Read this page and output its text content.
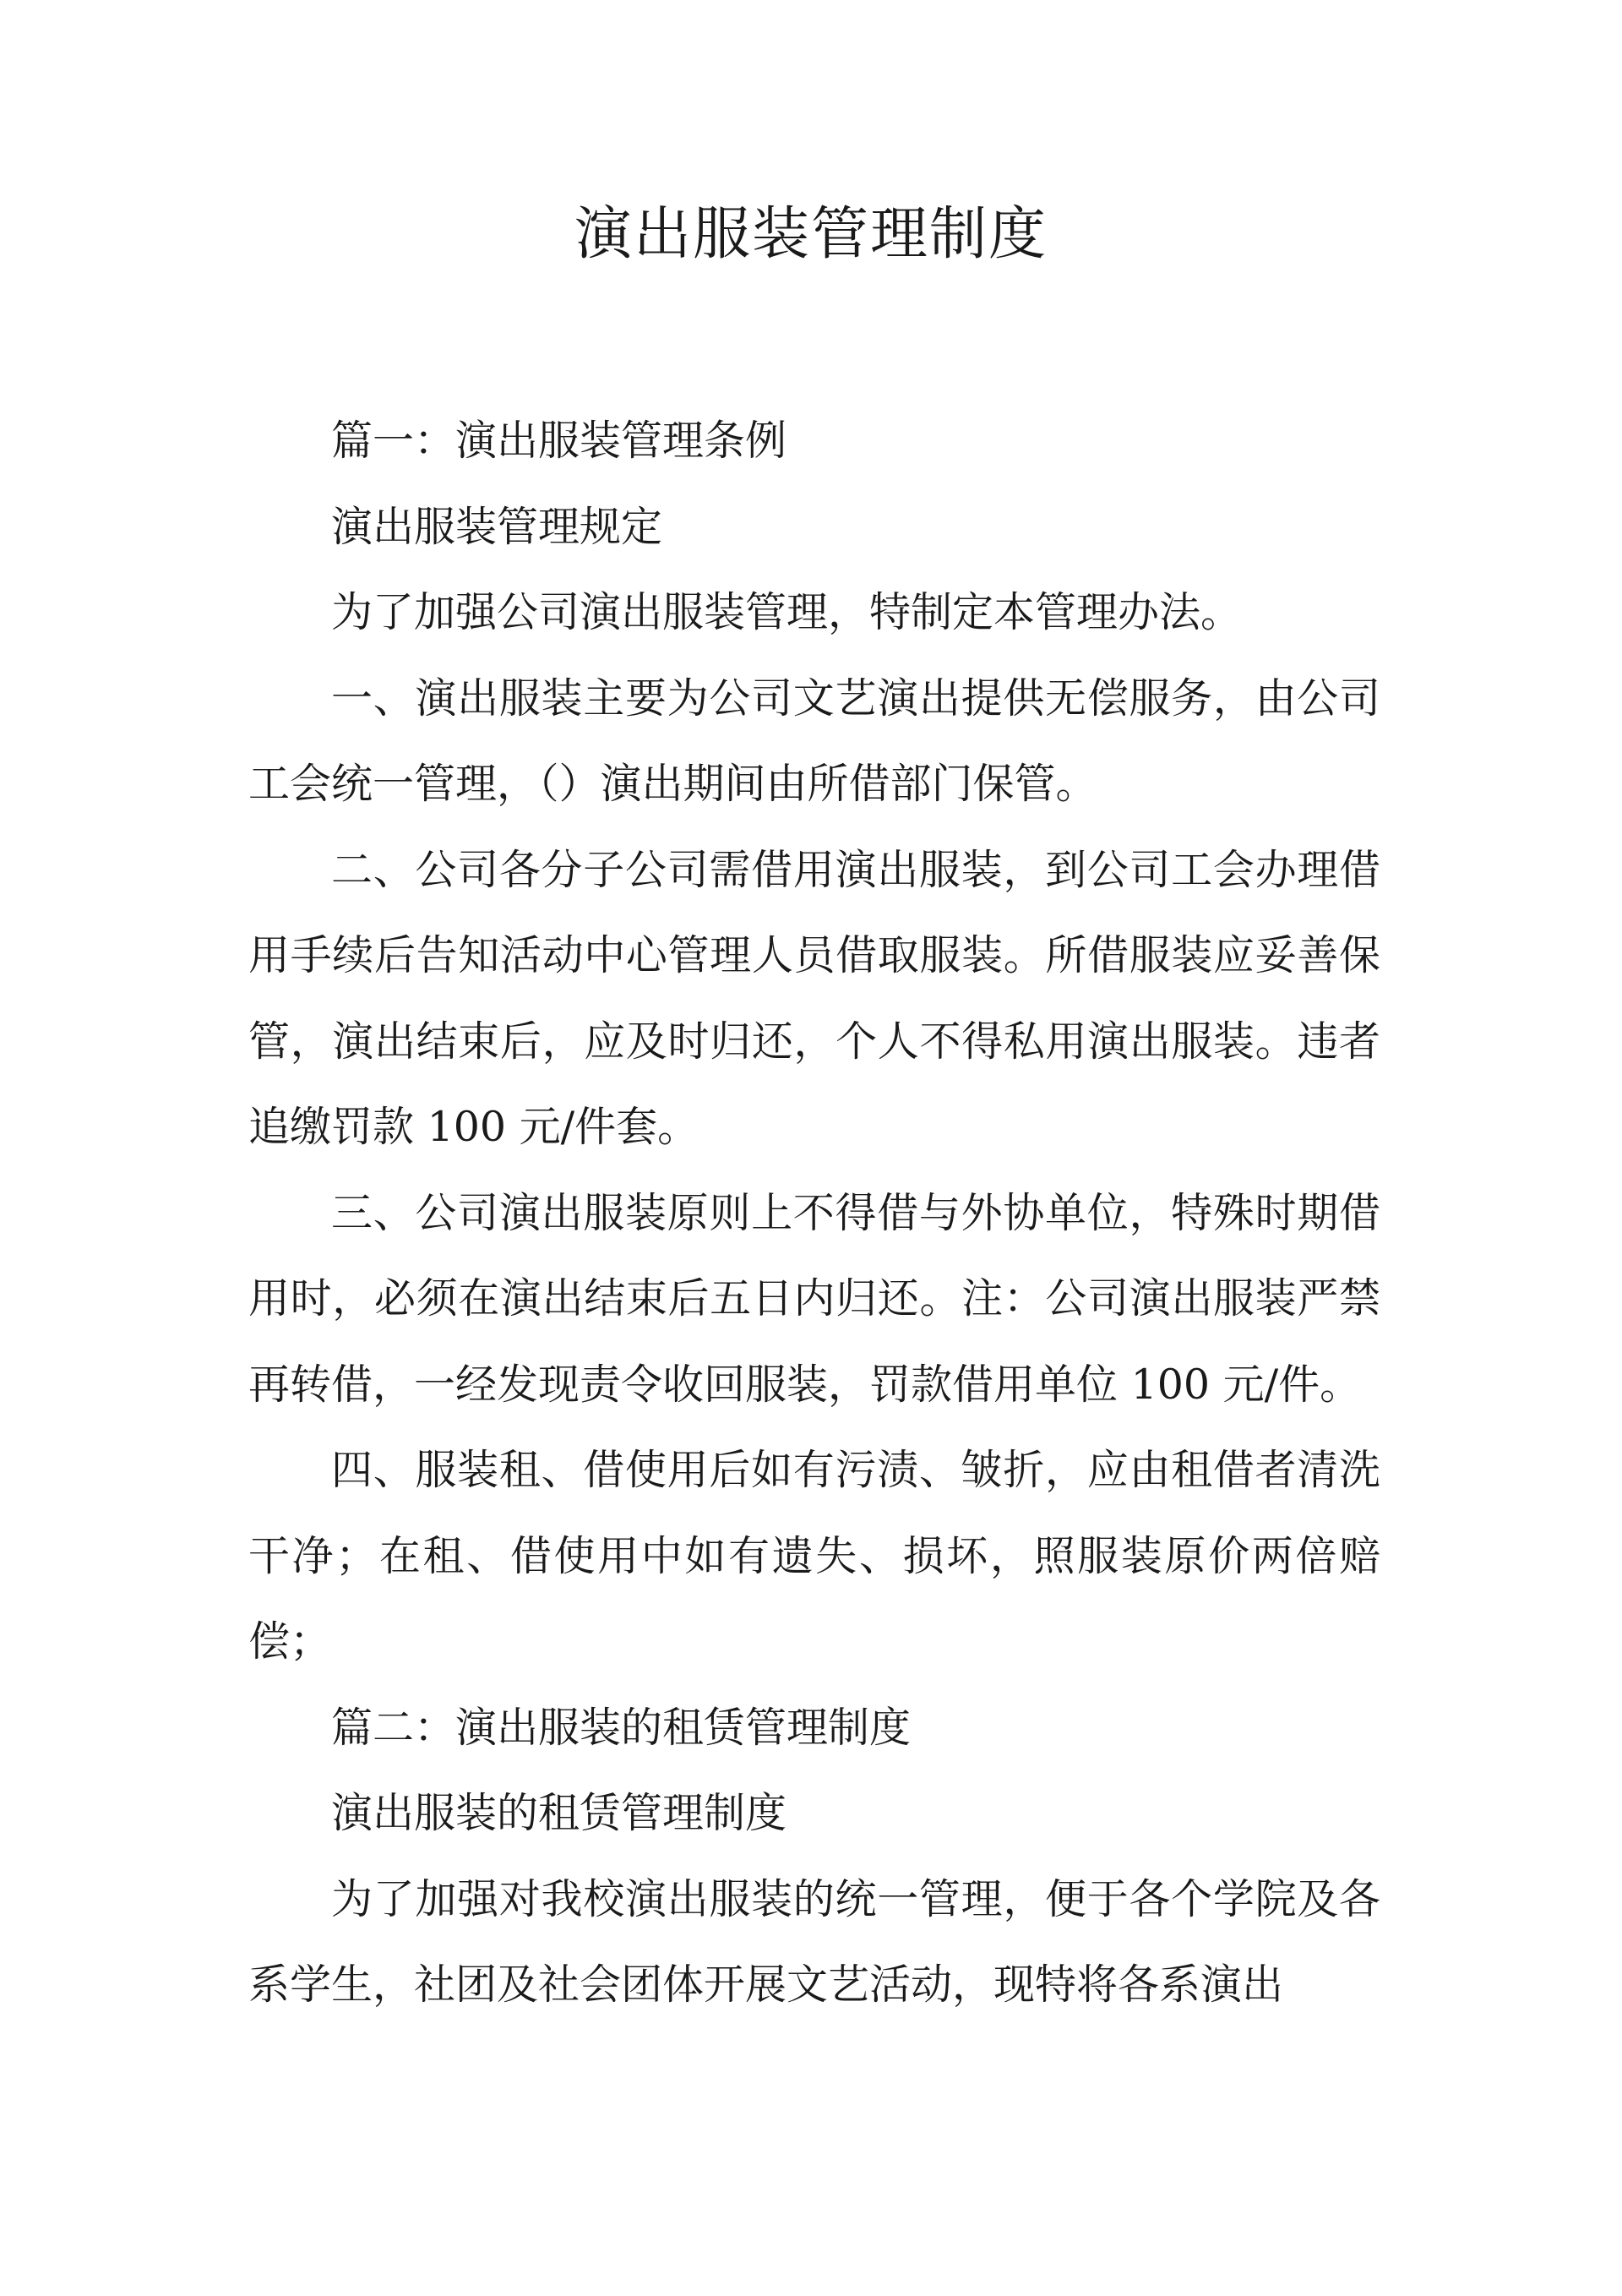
演出服装管理制度

篇一：演出服装管理条例

演出服装管理规定

为了加强公司演出服装管理，特制定本管理办法。

一、演出服装主要为公司文艺演出提供无偿服务，由公司工会统一管理，（）演出期间由所借部门保管。

二、公司各分子公司需借用演出服装，到公司工会办理借用手续后告知活动中心管理人员借取服装。所借服装应妥善保管，演出结束后，应及时归还，个人不得私用演出服装。违者追缴罚款 100 元/件套。

三、公司演出服装原则上不得借与外协单位，特殊时期借用时，必须在演出结束后五日内归还。注：公司演出服装严禁再转借，一经发现责令收回服装，罚款借用单位 100 元/件。

四、服装租、借使用后如有污渍、皱折，应由租借者清洗干净；在租、借使用中如有遗失、损坏，照服装原价两倍赔偿；

篇二：演出服装的租赁管理制度

演出服装的租赁管理制度

为了加强对我校演出服装的统一管理，便于各个学院及各系学生，社团及社会团体开展文艺活动，现特将各系演出
